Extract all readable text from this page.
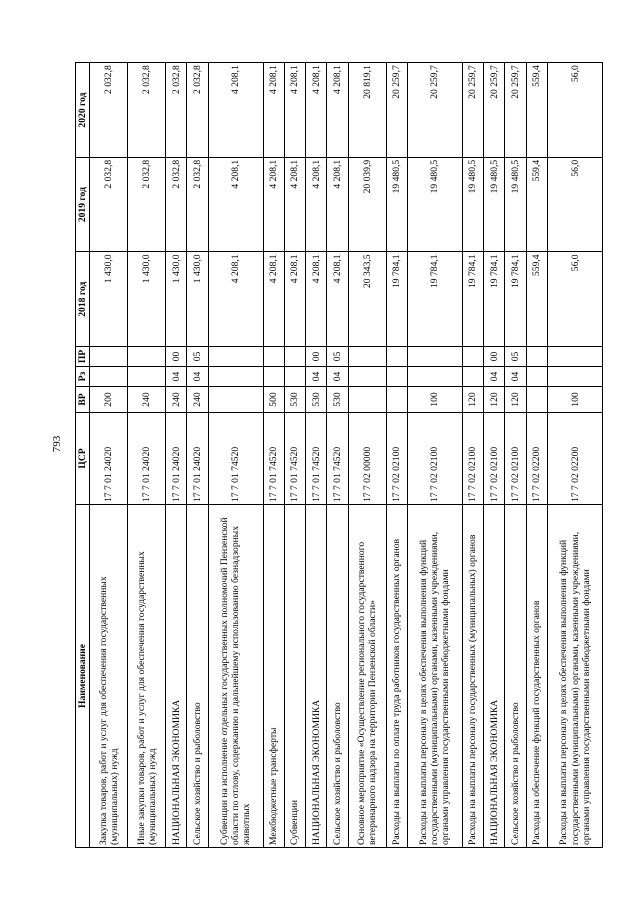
793
Наименование	ЦСР	ВР	Рз	ПР	2018 год	2019 год	2020 год
Закупка товаров, работ и услуг для обеспечения государственных (муниципальных) нужд	17 7 01 24020	200			1 430,0	2 032,8	2 032,8
Иные закупки товаров, работ и услуг для обеспечения государственных (муниципальных) нужд	17 7 01 24020	240			1 430,0	2 032,8	2 032,8
НАЦИОНАЛЬНАЯ ЭКОНОМИКА	17 7 01 24020	240	04	00	1 430,0	2 032,8	2 032,8
Сельское хозяйство и рыболовство	17 7 01 24020	240	04	05	1 430,0	2 032,8	2 032,8
Субвенции на исполнение отдельных государственных полномочий Пензенской области по отлову, содержанию и дальнейшему использованию безнадзорных животных	17 7 01 74520				4 208,1	4 208,1	4 208,1
Межбюджетные трансферты	17 7 01 74520	500			4 208,1	4 208,1	4 208,1
Субвенции	17 7 01 74520	530			4 208,1	4 208,1	4 208,1
НАЦИОНАЛЬНАЯ ЭКОНОМИКА	17 7 01 74520	530	04	00	4 208,1	4 208,1	4 208,1
Сельское хозяйство и рыболовство	17 7 01 74520	530	04	05	4 208,1	4 208,1	4 208,1
Основное мероприятие «Осуществление регионального государственного ветеринарного надзора на территории Пензенской области»	17 7 02 00000				20 343,5	20 039,9	20 819,1
Расходы на выплаты по оплате труда работников государственных органов	17 7 02 02100				19 784,1	19 480,5	20 259,7
Расходы на выплаты персоналу в целях обеспечения выполнения функций государственными (муниципальными) органами, казенными учреждениями, органами управления государственными внебюджетными фондами	17 7 02 02100	100			19 784,1	19 480,5	20 259,7
Расходы на выплаты персоналу государственных (муниципальных) органов	17 7 02 02100	120			19 784,1	19 480,5	20 259,7
НАЦИОНАЛЬНАЯ ЭКОНОМИКА	17 7 02 02100	120	04	00	19 784,1	19 480,5	20 259,7
Сельское хозяйство и рыболовство	17 7 02 02100	120	04	05	19 784,1	19 480,5	20 259,7
Расходы на обеспечение функций государственных органов	17 7 02 02200				559,4	559,4	559,4
Расходы на выплаты персоналу в целях обеспечения выполнения функций государственными (муниципальными) органами, казенными учреждениями, органами управления государственными внебюджетными фондами	17 7 02 02200	100			56,0	56,0	56,0
